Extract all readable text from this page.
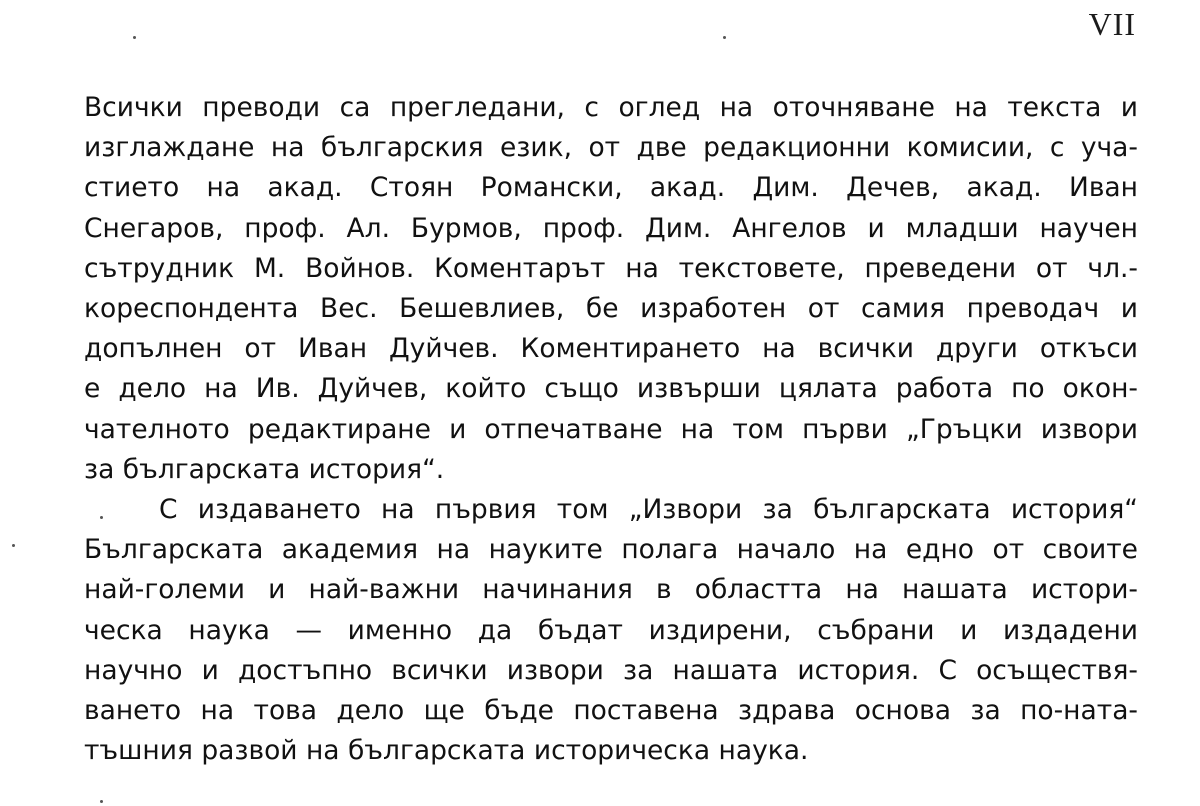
VII
Всички преводи са прегледани, с оглед на оточняване на текста и
изглаждане на българския език, от две редакционни комисии, с уча-
стието на акад. Стоян Романски, акад. Дим. Дечев, акад. Иван
Снегаров, проф. Ал. Бурмов, проф. Дим. Ангелов и младши научен
сътрудник М. Войнов. Коментарът на текстовете, преведени от чл.-
кореспондента Вес. Бешевлиев, бе изработен от самия преводач и
допълнен от Иван Дуйчев. Коментирането на всички други откъси
е дело на Ив. Дуйчев, който също извърши цялата работа по окон-
чателното редактиране и отпечатване на том първи „Гръцки извори
за българската история“.
С издаването на първия том „Извори за българската история“
Българската академия на науките полага начало на едно от своите
най-големи и най-важни начинания в областта на нашата истори-
ческа наука — именно да бъдат издирени, събрани и издадени
научно и достъпно всички извори за нашата история. С осъществя-
ването на това дело ще бъде поставена здрава основа за по-ната-
тъшния развой на българската историческа наука.
